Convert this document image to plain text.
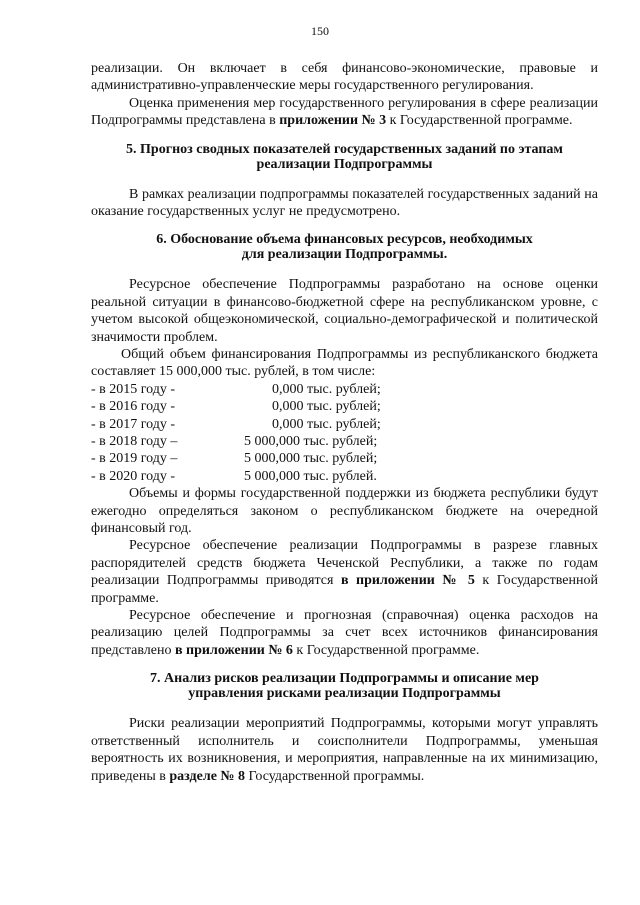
150

реализации. Он включает в себя финансово-экономические, правовые и административно-управленческие меры государственного регулирования.

Оценка применения мер государственного регулирования в сфере реализации Подпрограммы представлена в приложении № 3 к Государственной программе.

5. Прогноз сводных показателей государственных заданий по этапам
реализации Подпрограммы

В рамках реализации подпрограммы показателей государственных заданий на оказание государственных услуг не предусмотрено.

6. Обоснование объема финансовых ресурсов, необходимых
для реализации Подпрограммы.

Ресурсное обеспечение Подпрограммы разработано на основе оценки реальной ситуации в финансово-бюджетной сфере на республиканском уровне, с учетом высокой общеэкономической, социально-демографической и политической значимости проблем.

Общий объем финансирования Подпрограммы из республиканского бюджета составляет 15 000,000 тыс. рублей, в том числе:

- в 2015 году -	0,000 тыс. рублей;
- в 2016 году -	0,000 тыс. рублей;
- в 2017 году -	0,000 тыс. рублей;
- в 2018 году –	5 000,000 тыс. рублей;
- в 2019 году –	5 000,000 тыс. рублей;
- в 2020 году -	5 000,000 тыс. рублей.

Объемы и формы государственной поддержки из бюджета республики будут ежегодно определяться законом о республиканском бюджете на очередной финансовый год.

Ресурсное обеспечение реализации Подпрограммы в разрезе главных распорядителей средств бюджета Чеченской Республики, а также по годам реализации Подпрограммы приводятся в приложении № 5 к Государственной программе.

Ресурсное обеспечение и прогнозная (справочная) оценка расходов на реализацию целей Подпрограммы за счет всех источников финансирования представлено в приложении № 6 к Государственной программе.

7. Анализ рисков реализации Подпрограммы и описание мер
управления рисками реализации Подпрограммы

Риски реализации мероприятий Подпрограммы, которыми могут управлять ответственный исполнитель и соисполнители Подпрограммы, уменьшая вероятность их возникновения, и мероприятия, направленные на их минимизацию, приведены в разделе № 8 Государственной программы.
